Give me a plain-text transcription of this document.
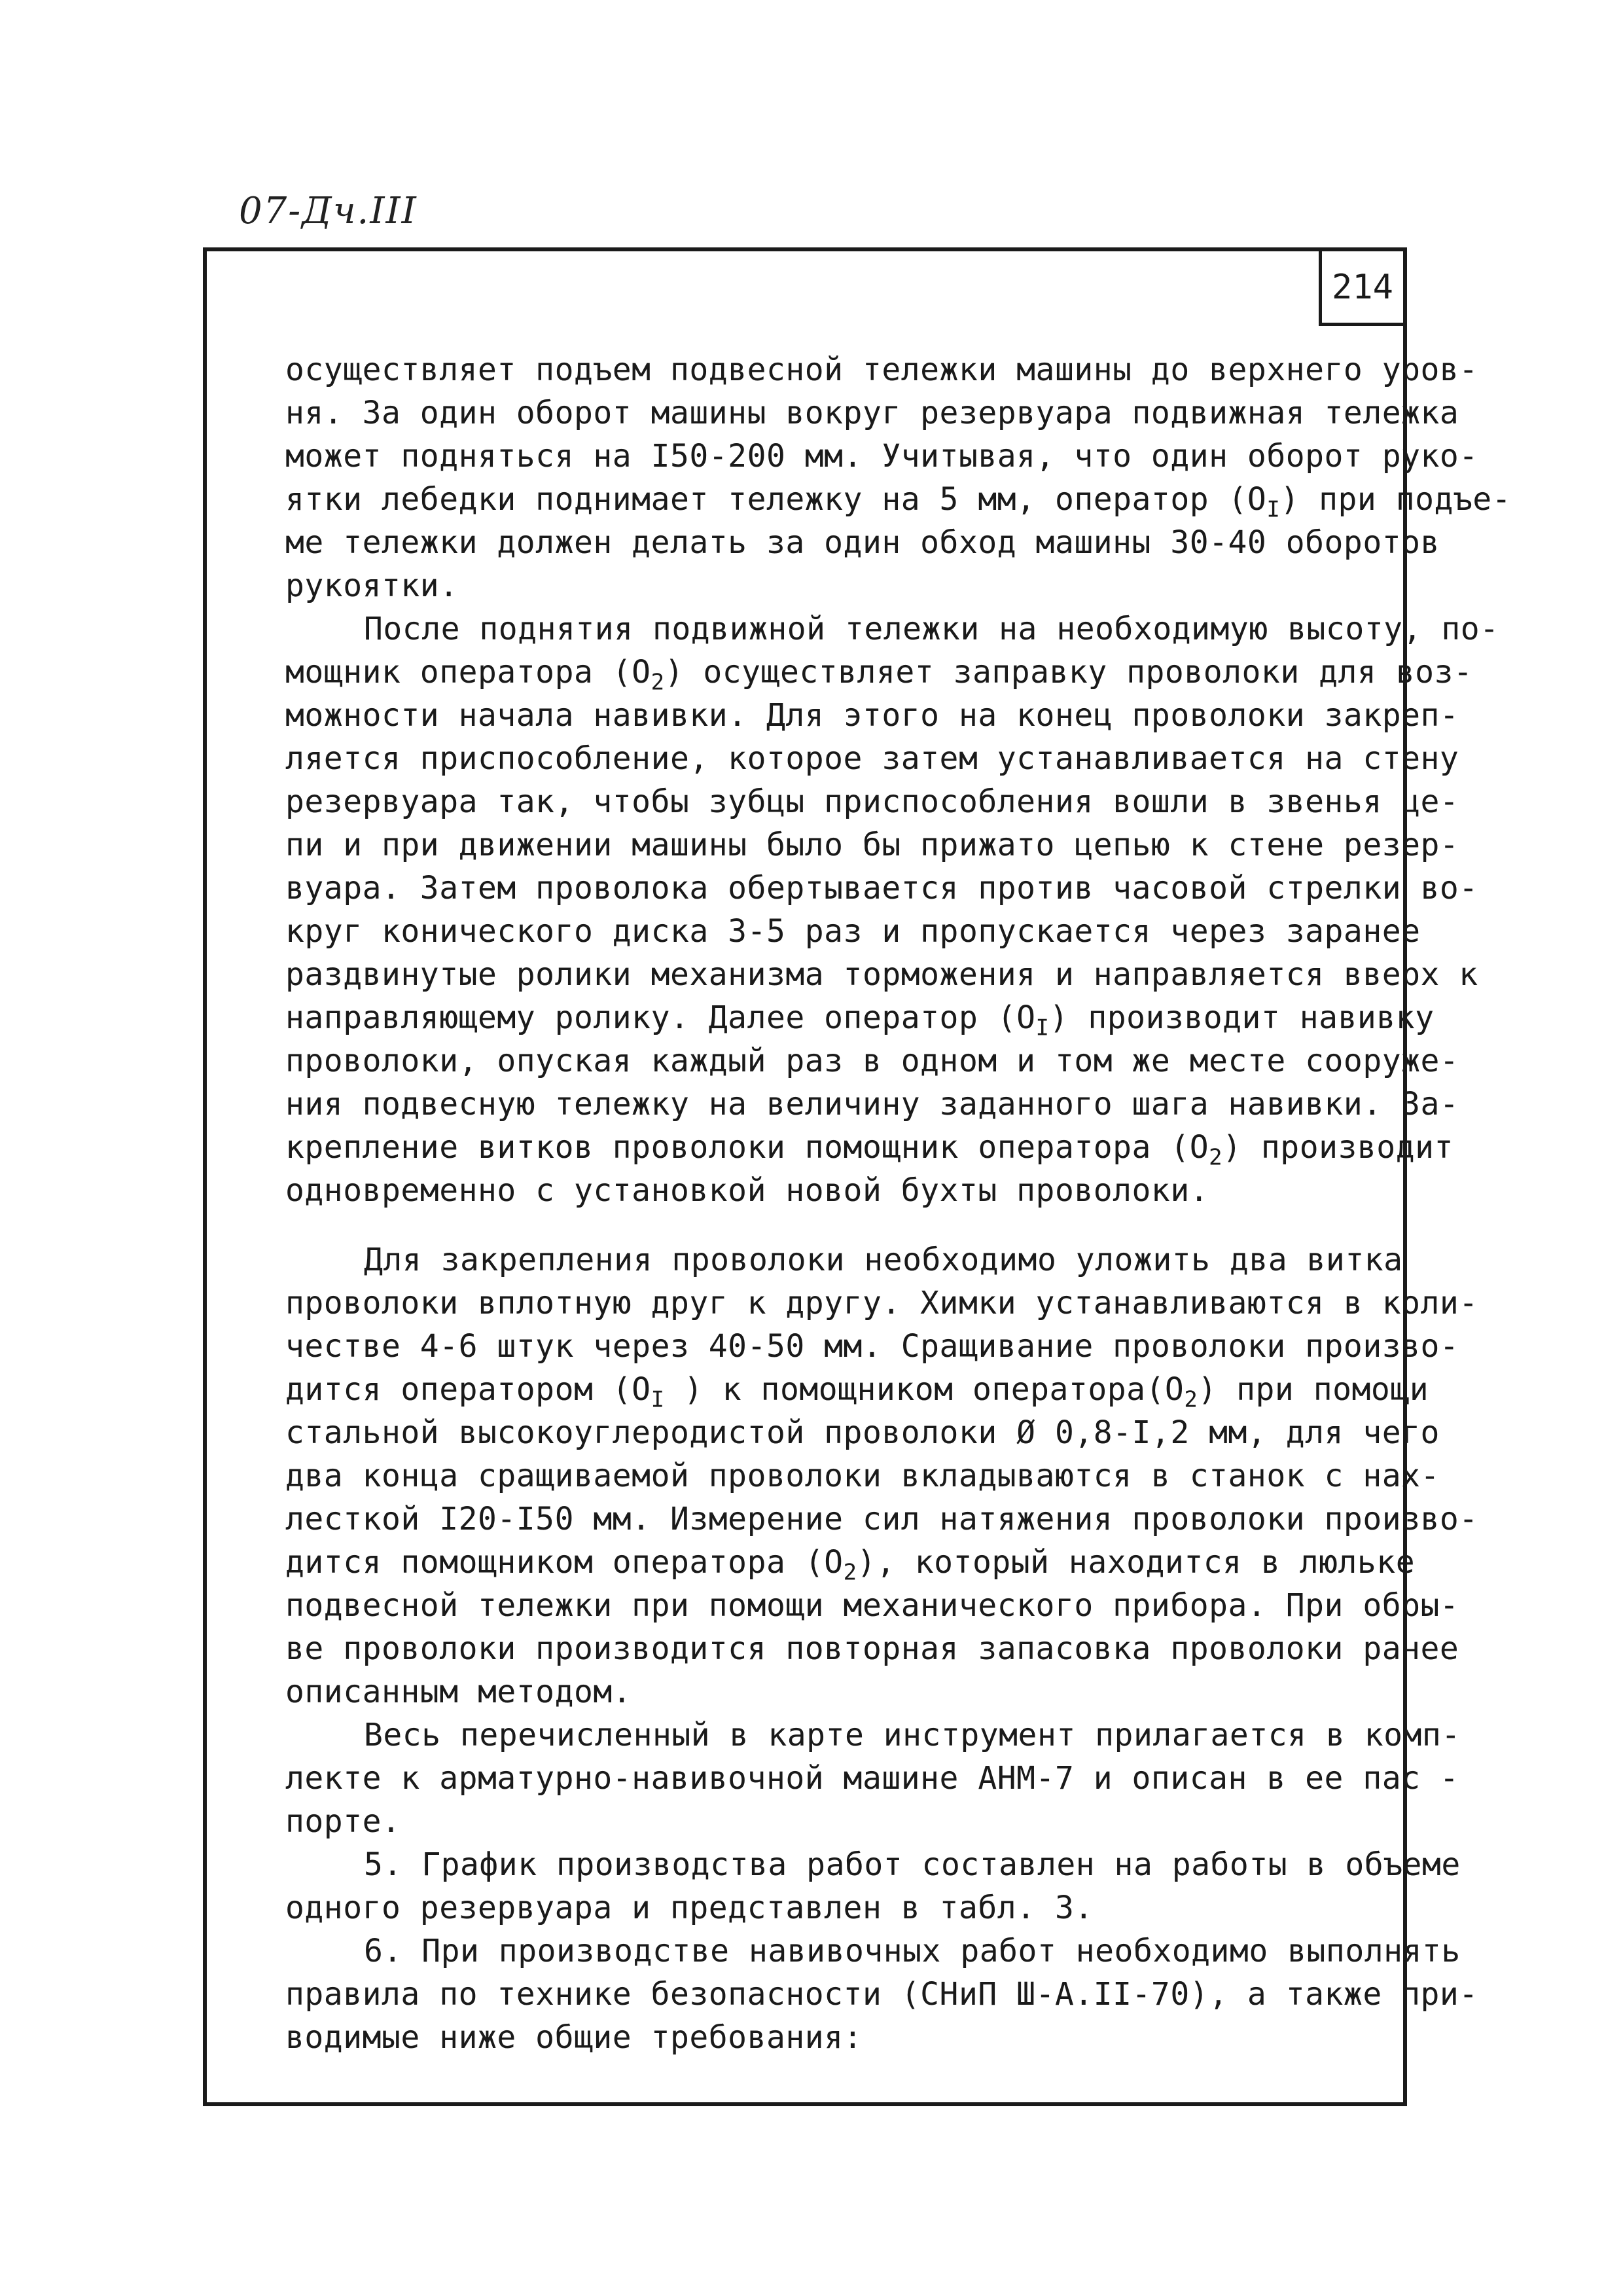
07-Дч.III
214

осуществляет подъем подвесной тележки машины до верхнего уров-
ня. За один оборот машины вокруг резервуара подвижная тележка
может подняться на I50-200 мм. Учитывая, что один оборот руко-
ятки лебедки поднимает тележку на 5 мм, оператор $(O_I)$ при подъе-
ме тележки должен делать за один обход машины 30-40 оборотов
рукоятки.

После поднятия подвижной тележки на необходимую высоту, по-
мощник оператора $(O_2)$ осуществляет заправку проволоки для воз-
можности начала навивки. Для этого на конец проволоки закреп-
ляется приспособление, которое затем устанавливается на стену
резервуара так, чтобы зубцы приспособления вошли в звенья це-
пи и при движении машины было бы прижато цепью к стене резер-
вуара. Затем проволока обертывается против часовой стрелки во-
круг конического диска 3-5 раз и пропускается через заранее
раздвинутые ролики механизма торможения и направляется вверх к
направляющему ролику. Далее оператор $(O_I)$ производит навивку
проволоки, опуская каждый раз в одном и том же месте сооруже-
ния подвесную тележку на величину заданного шага навивки. За-
крепление витков проволоки помощник оператора $(O_2)$ производит
одновременно с установкой новой бухты проволоки.

Для закрепления проволоки необходимо уложить два витка
проволоки вплотную друг к другу. Химки устанавливаются в коли-
честве 4-6 штук через 40-50 мм. Сращивание проволоки произво-
дится оператором ($O_I$ ) к помощником $оператора(O_2)$ при помощи
стальной высокоуглеродистой проволоки Ø 0,8-I,2 мм, для чего
два конца сращиваемой проволоки вкладываются в станок с нах-
лесткой I20-I50 мм. Измерение сил натяжения проволоки произво-
дится помощником оператора $(O_2)$, который находится в люльке
подвесной тележки при помощи механического прибора. При обры-
ве проволоки производится повторная запасовка проволоки ранее
описанным методом.

Весь перечисленный в карте инструмент прилагается в комп-
лекте к арматурно-навивочной машине АНМ-7 и описан в ее пас -
порте.

5. График производства работ составлен на работы в объеме
одного резервуара и представлен в табл. 3.

6. При производстве навивочных работ необходимо выполнять
правила по технике безопасности (СНиП Ш-А.II-70), а также при-
водимые ниже общие требования:
